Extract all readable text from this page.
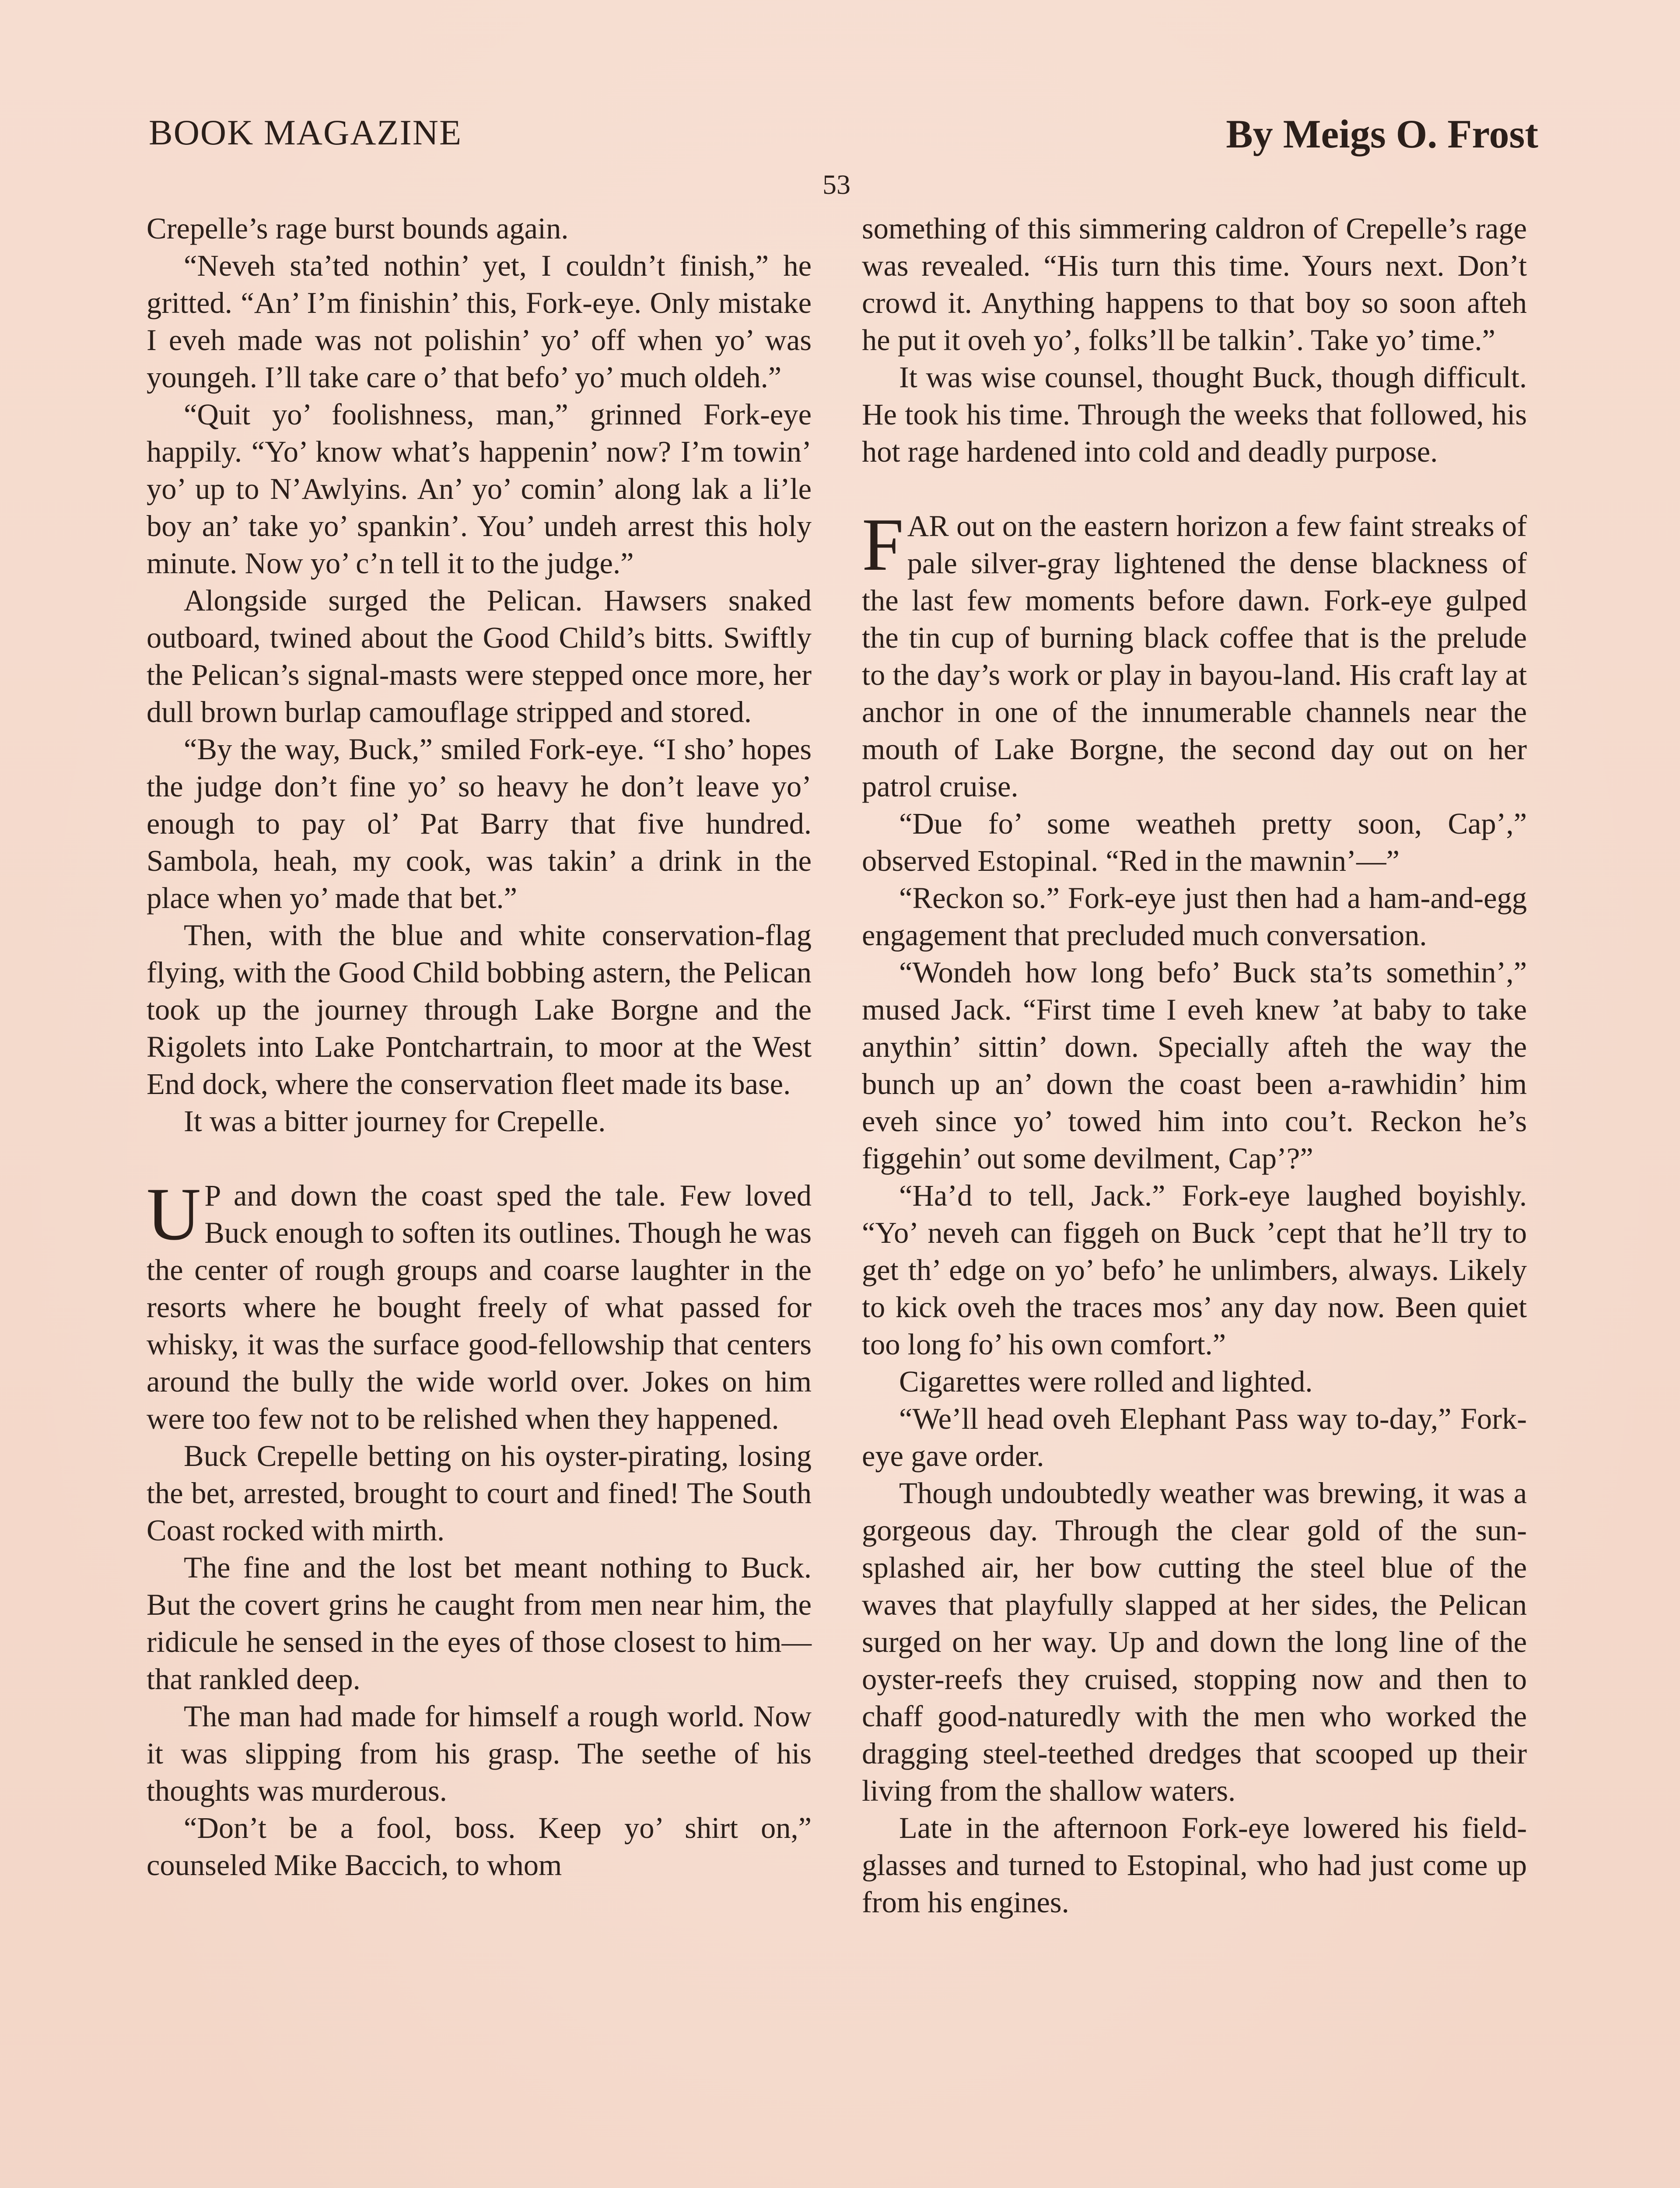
BOOK MAGAZINE	By Meigs O. Frost
53

Crepelle’s rage burst bounds again.

“Neveh sta’ted nothin’ yet, I couldn’t finish,” he gritted. “An’ I’m finishin’ this, Fork-eye. Only mistake I eveh made was not polishin’ yo’ off when yo’ was youngeh. I’ll take care o’ that befo’ yo’ much oldeh.”

“Quit yo’ foolishness, man,” grinned Fork-eye happily. “Yo’ know what’s happenin’ now? I’m towin’ yo’ up to N’Awlyins. An’ yo’ comin’ along lak a li’le boy an’ take yo’ spankin’. You’ undeh arrest this holy minute. Now yo’ c’n tell it to the judge.”

Alongside surged the Pelican. Hawsers snaked outboard, twined about the Good Child’s bitts. Swiftly the Pelican’s signal-masts were stepped once more, her dull brown burlap camouflage stripped and stored.

“By the way, Buck,” smiled Fork-eye. “I sho’ hopes the judge don’t fine yo’ so heavy he don’t leave yo’ enough to pay ol’ Pat Barry that five hundred. Sambola, heah, my cook, was takin’ a drink in the place when yo’ made that bet.”

Then, with the blue and white conservation-flag flying, with the Good Child bobbing astern, the Pelican took up the journey through Lake Borgne and the Rigolets into Lake Pontchartrain, to moor at the West End dock, where the conservation fleet made its base.

It was a bitter journey for Crepelle.

U P and down the coast sped the tale. Few loved Buck enough to soften its outlines. Though he was the center of rough groups and coarse laughter in the resorts where he bought freely of what passed for whisky, it was the surface good-fellowship that centers around the bully the wide world over. Jokes on him were too few not to be relished when they happened.

Buck Crepelle betting on his oyster-pirating, losing the bet, arrested, brought to court and fined! The South Coast rocked with mirth.

The fine and the lost bet meant nothing to Buck. But the covert grins he caught from men near him, the ridicule he sensed in the eyes of those closest to him—that rankled deep.

The man had made for himself a rough world. Now it was slipping from his grasp. The seethe of his thoughts was murderous.

“Don’t be a fool, boss. Keep yo’ shirt on,” counseled Mike Baccich, to whom

something of this simmering caldron of Crepelle’s rage was revealed. “His turn this time. Yours next. Don’t crowd it. Anything happens to that boy so soon afteh he put it oveh yo’, folks’ll be talkin’. Take yo’ time.”

It was wise counsel, thought Buck, though difficult. He took his time. Through the weeks that followed, his hot rage hardened into cold and deadly purpose.

FAR out on the eastern horizon a few faint streaks of pale silver-gray lightened the dense blackness of the last few moments before dawn. Fork-eye gulped the tin cup of burning black coffee that is the prelude to the day’s work or play in bayou-land. His craft lay at anchor in one of the innumerable channels near the mouth of Lake Borgne, the second day out on her patrol cruise.

“Due fo’ some weatheh pretty soon, Cap’,” observed Estopinal. “Red in the mawnin’—”

“Reckon so.” Fork-eye just then had a ham-and-egg engagement that precluded much conversation.

“Wondeh how long befo’ Buck sta’ts somethin’,” mused Jack. “First time I eveh knew ’at baby to take anythin’ sittin’ down. Specially afteh the way the bunch up an’ down the coast been a-rawhidin’ him eveh since yo’ towed him into cou’t. Reckon he’s figgehin’ out some devilment, Cap’?”

“Ha’d to tell, Jack.” Fork-eye laughed boyishly. “Yo’ neveh can figgeh on Buck ’cept that he’ll try to get th’ edge on yo’ befo’ he unlimbers, always. Likely to kick oveh the traces mos’ any day now. Been quiet too long fo’ his own comfort.”

Cigarettes were rolled and lighted.

“We’ll head oveh Elephant Pass way to-day,” Fork-eye gave order.

Though undoubtedly weather was brewing, it was a gorgeous day. Through the clear gold of the sun-splashed air, her bow cutting the steel blue of the waves that playfully slapped at her sides, the Pelican surged on her way. Up and down the long line of the oyster-reefs they cruised, stopping now and then to chaff good-naturedly with the men who worked the dragging steel-teethed dredges that scooped up their living from the shallow waters.

Late in the afternoon Fork-eye lowered his field-glasses and turned to Estopinal, who had just come up from his engines.
